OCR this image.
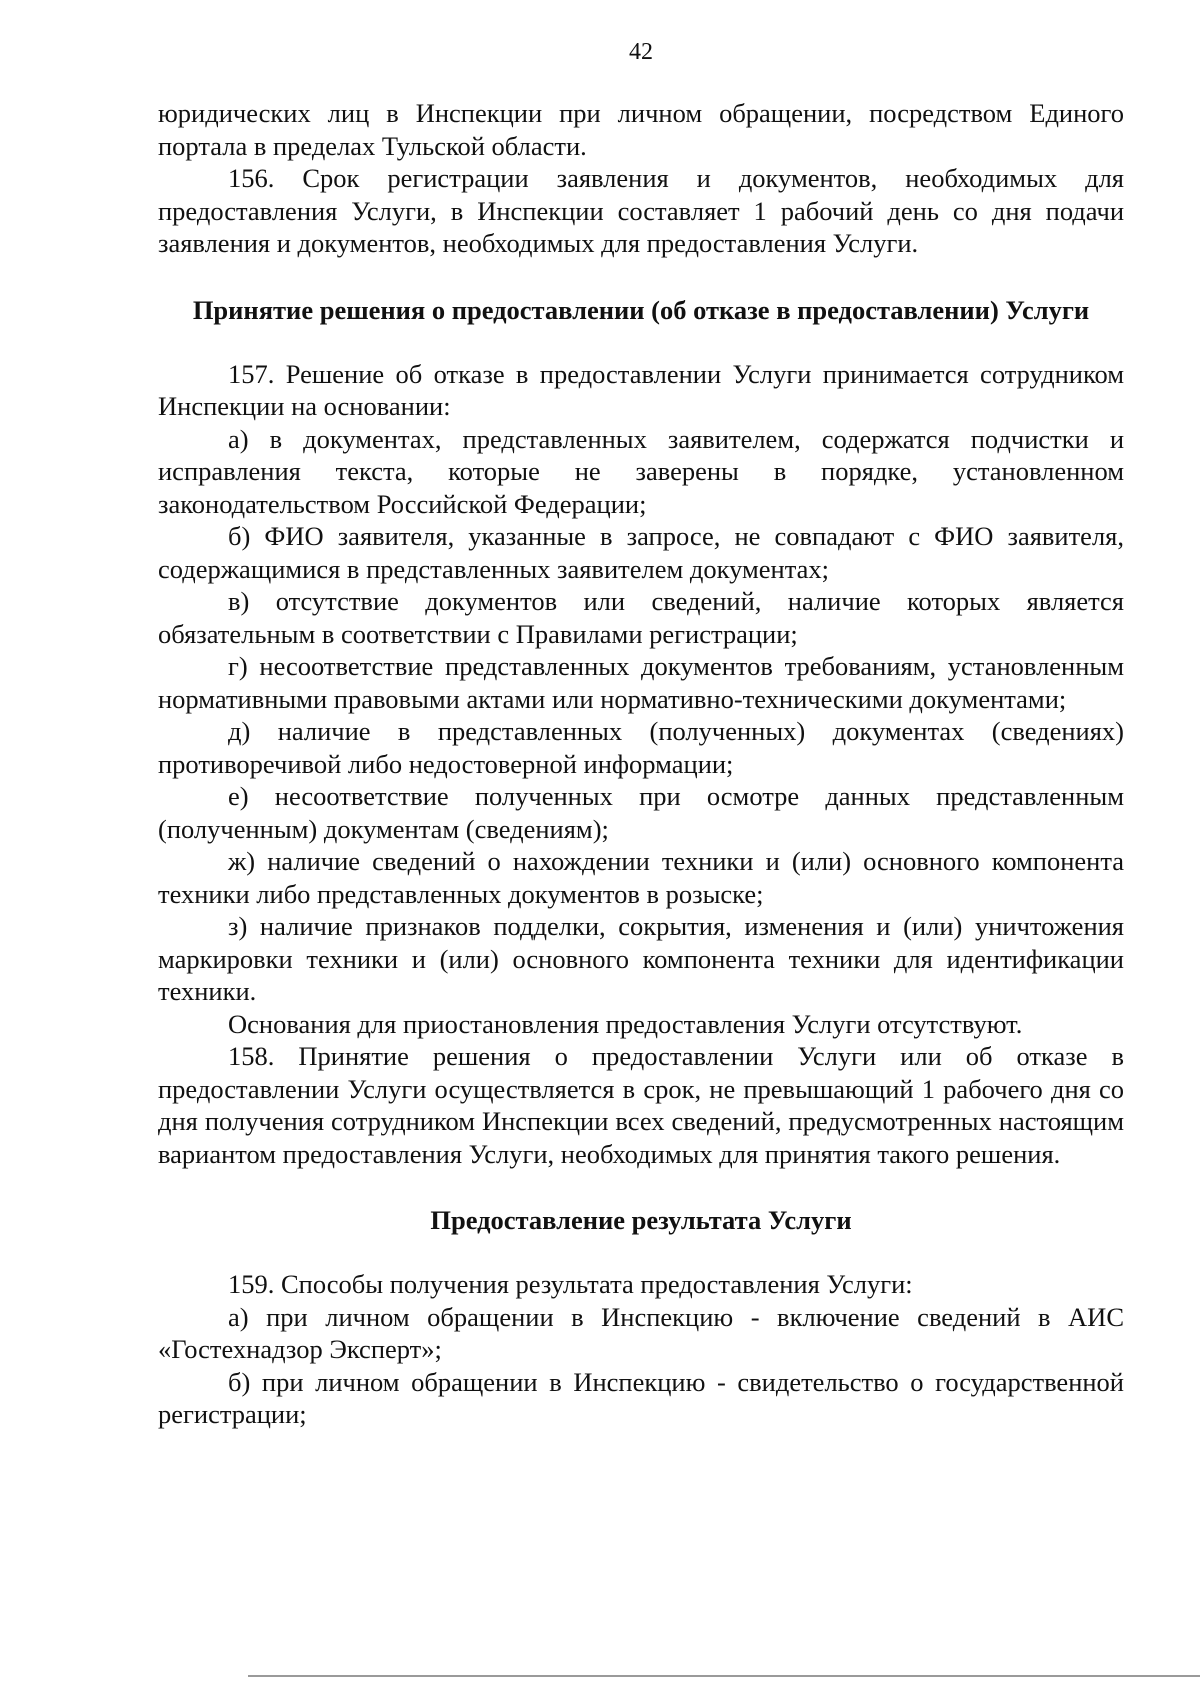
42

юридических лиц в Инспекции при личном обращении, посредством Единого портала в пределах Тульской области.

156. Срок регистрации заявления и документов, необходимых для предоставления Услуги, в Инспекции составляет 1 рабочий день со дня подачи заявления и документов, необходимых для предоставления Услуги.

Принятие решения о предоставлении (об отказе в предоставлении) Услуги

157. Решение об отказе в предоставлении Услуги принимается сотрудником Инспекции на основании:

а) в документах, представленных заявителем, содержатся подчистки и исправления текста, которые не заверены в порядке, установленном законодательством Российской Федерации;

б) ФИО заявителя, указанные в запросе, не совпадают с ФИО заявителя, содержащимися в представленных заявителем документах;

в) отсутствие документов или сведений, наличие которых является обязательным в соответствии с Правилами регистрации;

г) несоответствие представленных документов требованиям, установленным нормативными правовыми актами или нормативно-техническими документами;

д) наличие в представленных (полученных) документах (сведениях) противоречивой либо недостоверной информации;

е) несоответствие полученных при осмотре данных представленным (полученным) документам (сведениям);

ж) наличие сведений о нахождении техники и (или) основного компонента техники либо представленных документов в розыске;

з) наличие признаков подделки, сокрытия, изменения и (или) уничтожения маркировки техники и (или) основного компонента техники для идентификации техники.

Основания для приостановления предоставления Услуги отсутствуют.

158. Принятие решения о предоставлении Услуги или об отказе в предоставлении Услуги осуществляется в срок, не превышающий 1 рабочего дня со дня получения сотрудником Инспекции всех сведений, предусмотренных настоящим вариантом предоставления Услуги, необходимых для принятия такого решения.

Предоставление результата Услуги

159. Способы получения результата предоставления Услуги:

а) при личном обращении в Инспекцию - включение сведений в АИС «Гостехнадзор Эксперт»;

б) при личном обращении в Инспекцию - свидетельство о государственной регистрации;
